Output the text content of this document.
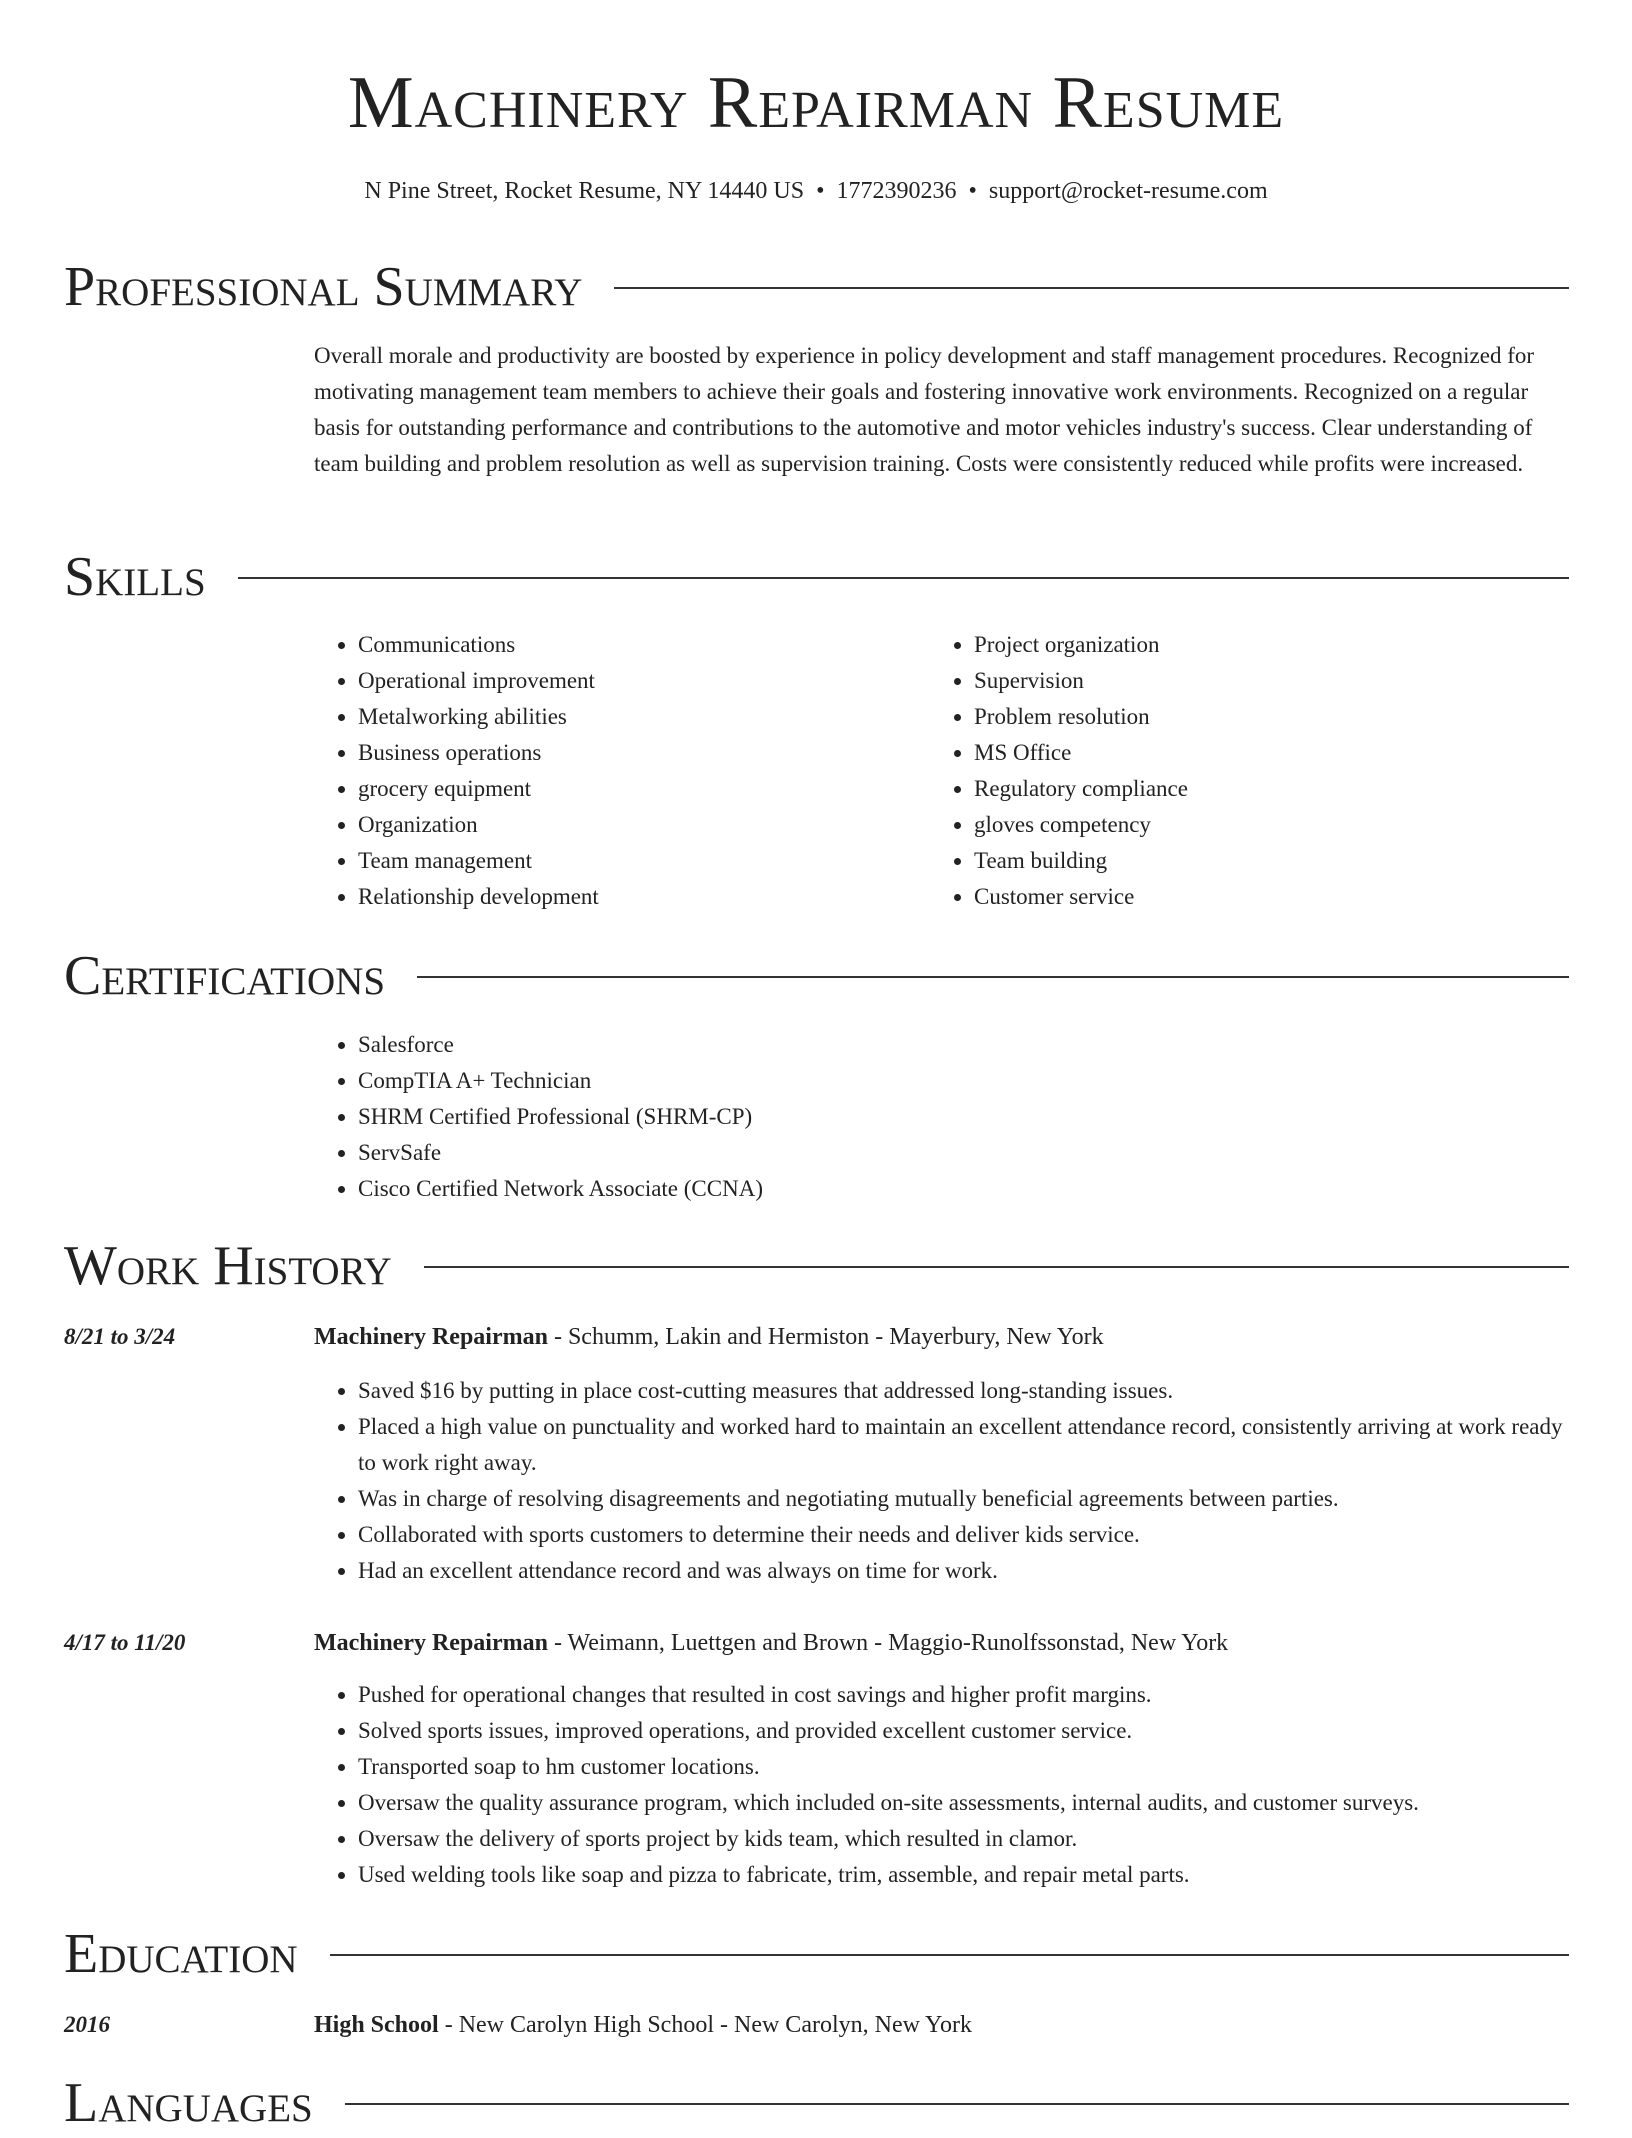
Machinery Repairman Resume
N Pine Street, Rocket Resume, NY 14440 US • 1772390236 • support@rocket-resume.com
Professional Summary

Overall morale and productivity are boosted by experience in policy development and staff management procedures. Recognized for motivating management team members to achieve their goals and fostering innovative work environments. Recognized on a regular basis for outstanding performance and contributions to the automotive and motor vehicles industry's success. Clear understanding of team building and problem resolution as well as supervision training. Costs were consistently reduced while profits were increased.

Skills
• Communications
• Operational improvement
• Metalworking abilities
• Business operations
• grocery equipment
• Organization
• Team management
• Relationship development
• Project organization
• Supervision
• Problem resolution
• MS Office
• Regulatory compliance
• gloves competency
• Team building
• Customer service
Certifications
• Salesforce
• CompTIA A+ Technician
• SHRM Certified Professional (SHRM-CP)
• ServSafe
• Cisco Certified Network Associate (CCNA)
Work History
8/21 to 3/24	Machinery Repairman - Schumm, Lakin and Hermiston - Mayerbury, New York
• Saved $16 by putting in place cost-cutting measures that addressed long-standing issues.
• Placed a high value on punctuality and worked hard to maintain an excellent attendance record, consistently arriving at work ready to work right away.
• Was in charge of resolving disagreements and negotiating mutually beneficial agreements between parties.
• Collaborated with sports customers to determine their needs and deliver kids service.
• Had an excellent attendance record and was always on time for work.
4/17 to 11/20	Machinery Repairman - Weimann, Luettgen and Brown - Maggio-Runolfssonstad, New York
• Pushed for operational changes that resulted in cost savings and higher profit margins.
• Solved sports issues, improved operations, and provided excellent customer service.
• Transported soap to hm customer locations.
• Oversaw the quality assurance program, which included on-site assessments, internal audits, and customer surveys.
• Oversaw the delivery of sports project by kids team, which resulted in clamor.
• Used welding tools like soap and pizza to fabricate, trim, assemble, and repair metal parts.
Education
2016	High School - New Carolyn High School - New Carolyn, New York
Languages
